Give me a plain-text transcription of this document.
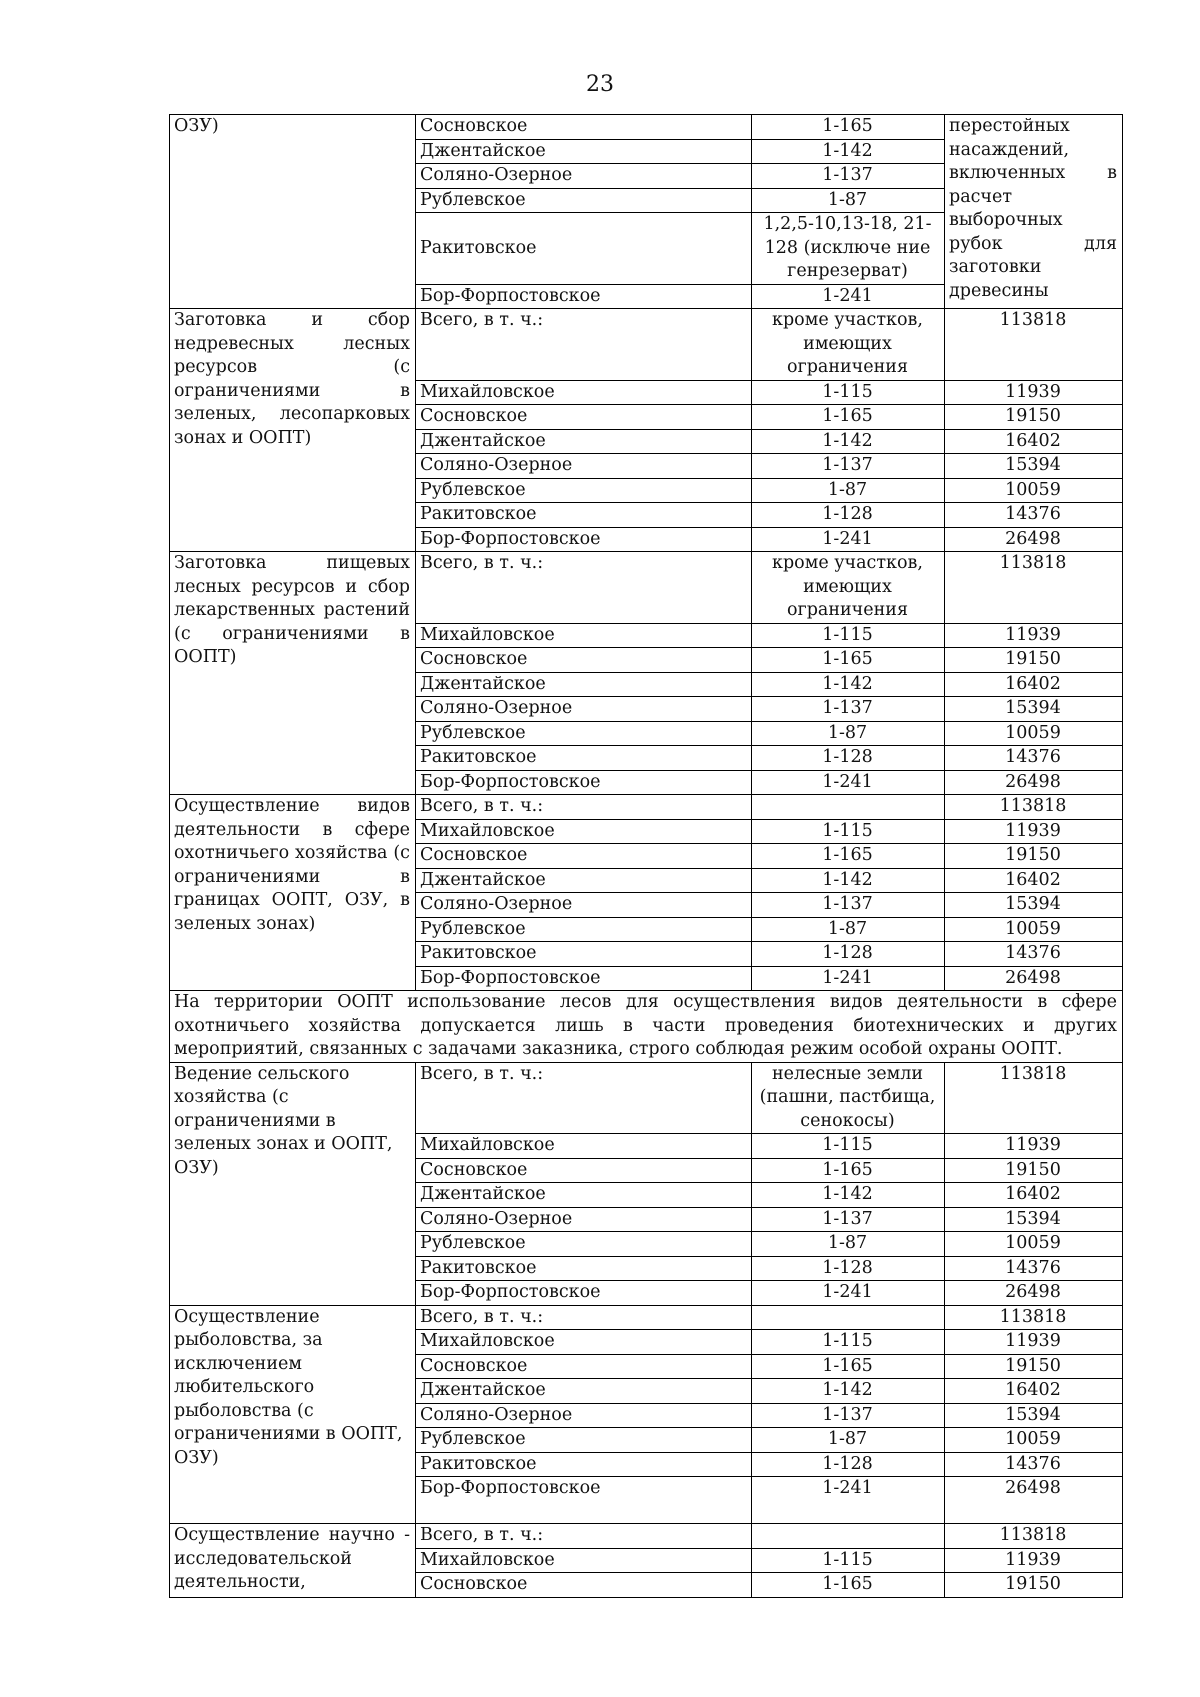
23
ОЗУ)	Сосновское	1-165	перестойных насаждений, включенных в расчет выборочных рубок для заготовки древесины
	Джентайское	1-142	
	Соляно-Озерное	1-137	
	Рублевское	1-87	
	Ракитовское	1,2,5-10,13-18, 21-128 (исключе ние генрезерват)	
	Бор-Форпостовское	1-241	
Заготовка и сбор недревесных лесных ресурсов (с ограничениями в зеленых, лесопарковых зонах и ООПТ)	Всего, в т. ч.:	кроме участков, имеющих ограничения	113818
	Михайловское	1-115	11939
	Сосновское	1-165	19150
	Джентайское	1-142	16402
	Соляно-Озерное	1-137	15394
	Рублевское	1-87	10059
	Ракитовское	1-128	14376
	Бор-Форпостовское	1-241	26498
Заготовка пищевых лесных ресурсов и сбор лекарственных растений (с ограничениями в ООПТ)	Всего, в т. ч.:	кроме участков, имеющих ограничения	113818
	Михайловское	1-115	11939
	Сосновское	1-165	19150
	Джентайское	1-142	16402
	Соляно-Озерное	1-137	15394
	Рублевское	1-87	10059
	Ракитовское	1-128	14376
	Бор-Форпостовское	1-241	26498
Осуществление видов деятельности в сфере охотничьего хозяйства (с ограничениями в границах ООПТ, ОЗУ, в зеленых зонах)	Всего, в т. ч.:		113818
	Михайловское	1-115	11939
	Сосновское	1-165	19150
	Джентайское	1-142	16402
	Соляно-Озерное	1-137	15394
	Рублевское	1-87	10059
	Ракитовское	1-128	14376
	Бор-Форпостовское	1-241	26498
На территории ООПТ использование лесов для осуществления видов деятельности в сфере охотничьего хозяйства допускается лишь в части проведения биотехнических и других мероприятий, связанных с задачами заказника, строго соблюдая режим особой охраны ООПТ.			
Ведение сельского хозяйства (с ограничениями в зеленых зонах и ООПТ, ОЗУ)	Всего, в т. ч.:	нелесные земли (пашни, пастбища, сенокосы)	113818
	Михайловское	1-115	11939
	Сосновское	1-165	19150
	Джентайское	1-142	16402
	Соляно-Озерное	1-137	15394
	Рублевское	1-87	10059
	Ракитовское	1-128	14376
	Бор-Форпостовское	1-241	26498
Осуществление рыболовства, за исключением любительского рыболовства (с ограничениями в ООПТ, ОЗУ)	Всего, в т. ч.:		113818
	Михайловское	1-115	11939
	Сосновское	1-165	19150
	Джентайское	1-142	16402
	Соляно-Озерное	1-137	15394
	Рублевское	1-87	10059
	Ракитовское	1-128	14376
	Бор-Форпостовское	1-241	26498
Осуществление научно - исследовательской деятельности,	Всего, в т. ч.:		113818
	Михайловское	1-115	11939
	Сосновское	1-165	19150
